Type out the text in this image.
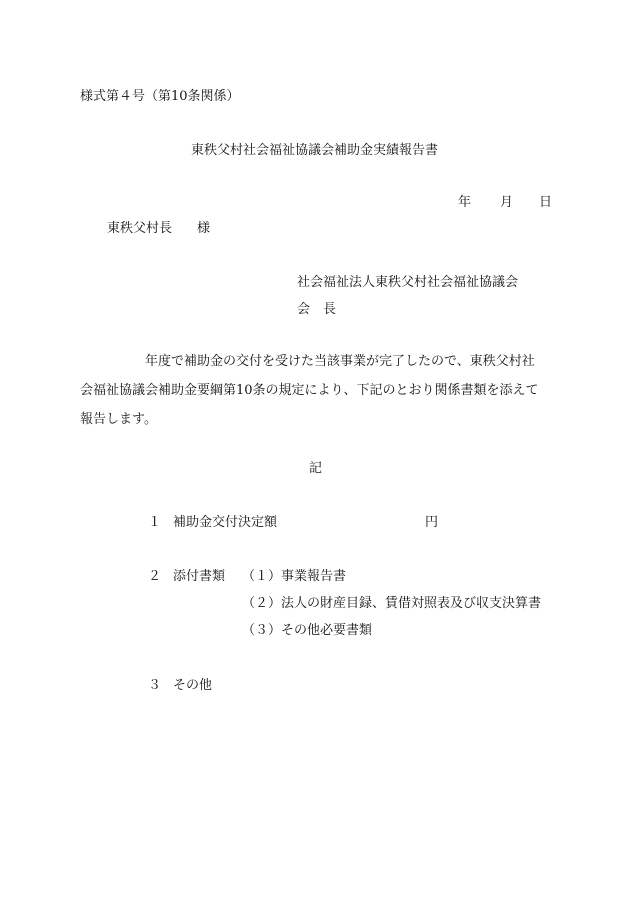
様式第４号（第10条関係）
東秩父村社会福祉協議会補助金実績報告書
年 月 日
東秩父村長 様
社会福祉法人東秩父村社会福祉協議会
会　長
　　　　　年度で補助金の交付を受けた当該事業が完了したので、東秩父村社
会福祉協議会補助金要綱第10条の規定により、下記のとおり関係書類を添えて
報告します。
記
１ 補助金交付決定額	円
２ 添付書類 （１）事業報告書
（２）法人の財産目録、賃借対照表及び収支決算書
（３）その他必要書類
３ その他
